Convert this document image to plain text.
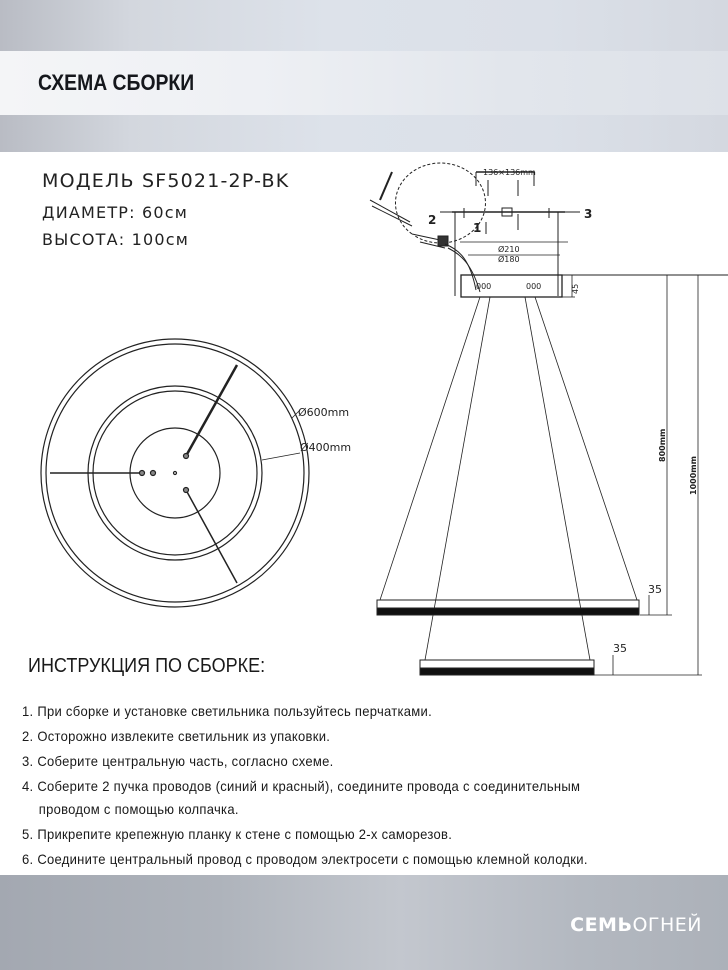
СХЕМА СБОРКИ
МОДЕЛЬ SF5021-2P-BK
ДИАМЕТР: 60см
ВЫСОТА: 100см
Ø600mm
Ø400mm
136×136mm
Ø210
Ø180
000	000
1
2	3
45
800mm
1000mm
35
35
ИНСТРУКЦИЯ ПО СБОРКЕ:
1. При сборке и установке светильника пользуйтесь перчатками.
2. Осторожно извлеките светильник из упаковки.
3. Соберите центральную часть, согласно схеме.
4. Соберите 2 пучка проводов (синий и красный), соедините провода с соединительным
проводом с помощью колпачка.
5. Прикрепите крепежную планку к стене с помощью 2-х саморезов.
6. Соедините центральный провод с проводом электросети с помощью клемной колодки.
СЕМЬОГНЕЙ
